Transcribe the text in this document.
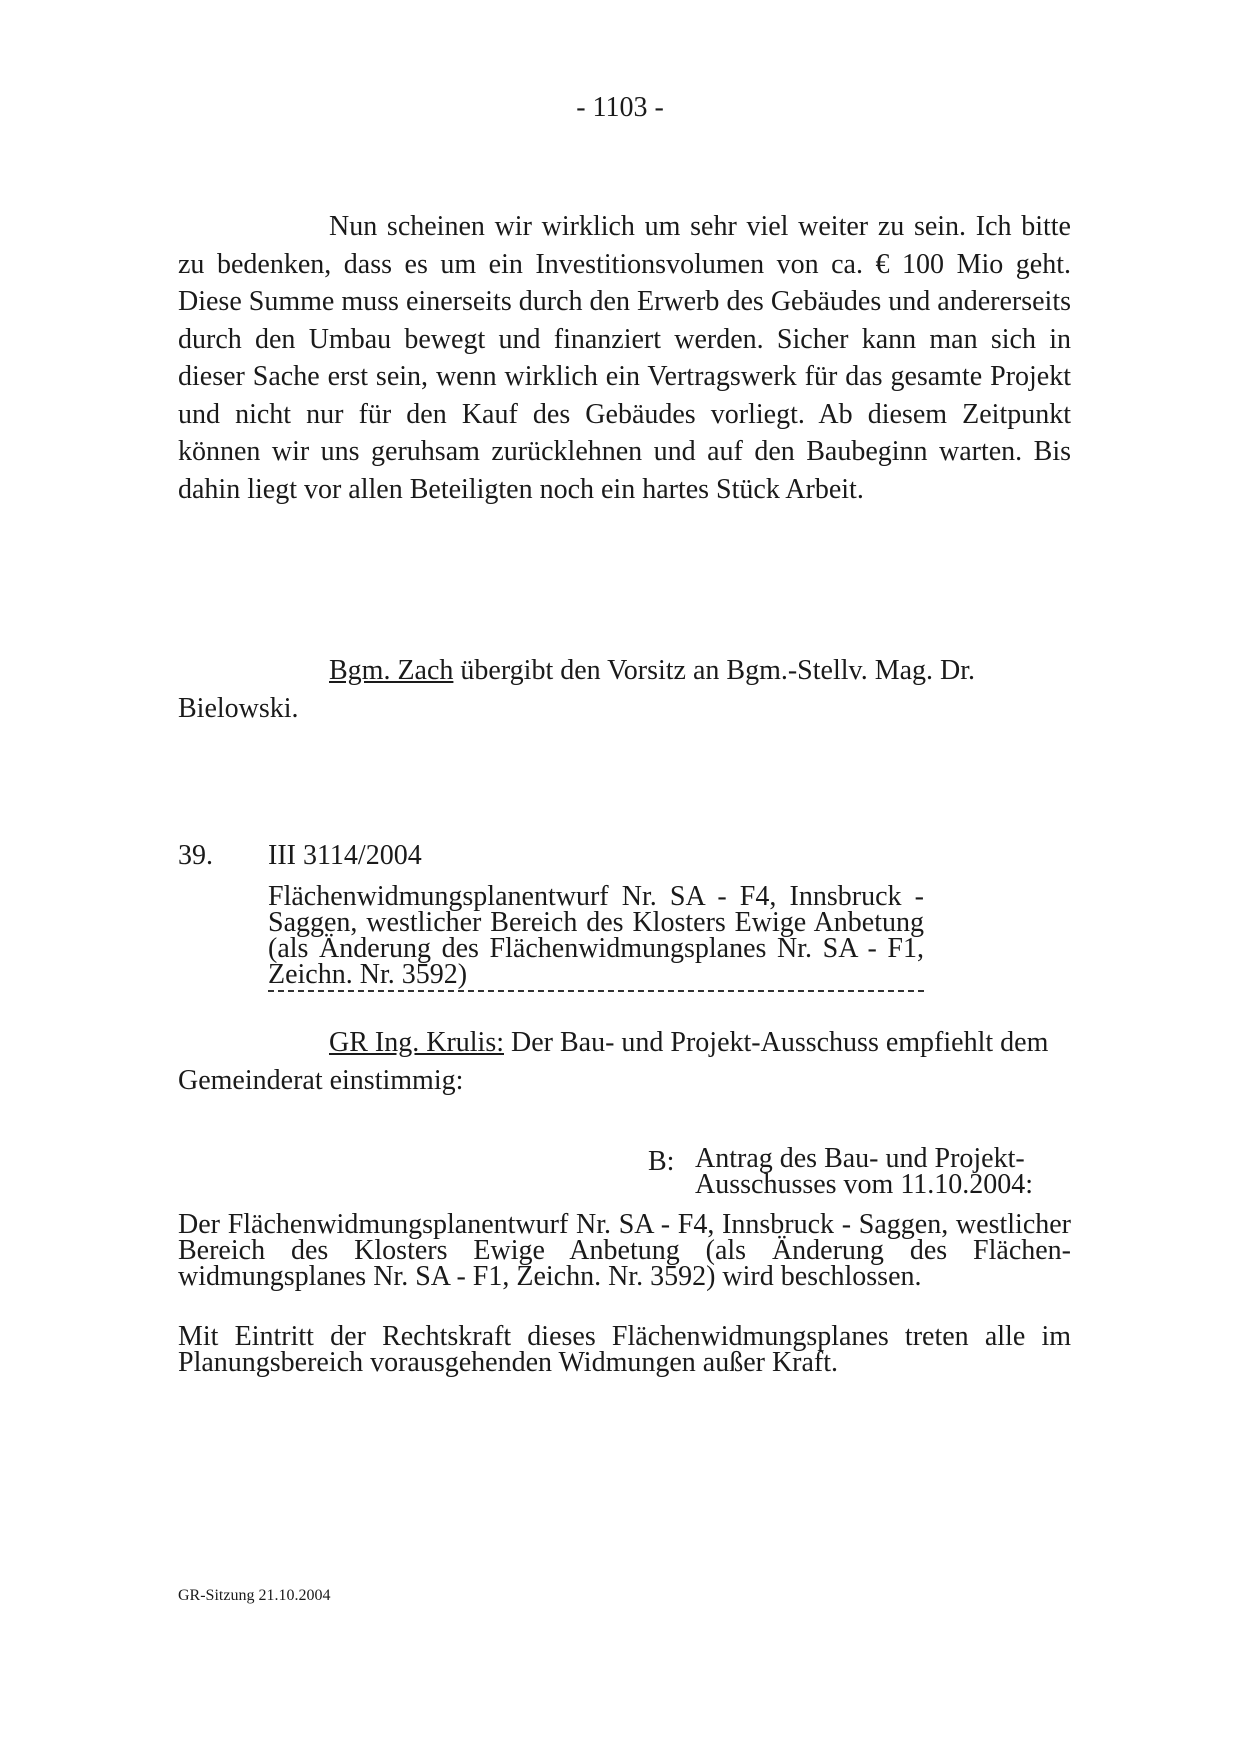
- 1103 -

Nun scheinen wir wirklich um sehr viel weiter zu sein. Ich bitte zu bedenken, dass es um ein Investitionsvolumen von ca. € 100 Mio geht. Diese Summe muss einerseits durch den Erwerb des Gebäudes und andererseits durch den Umbau bewegt und finanziert werden. Sicher kann man sich in dieser Sache erst sein, wenn wirklich ein Vertragswerk für das gesamte Projekt und nicht nur für den Kauf des Gebäudes vorliegt. Ab diesem Zeitpunkt können wir uns geruhsam zurücklehnen und auf den Baubeginn warten. Bis dahin liegt vor allen Beteiligten noch ein hartes Stück Arbeit.

Bgm. Zach übergibt den Vorsitz an Bgm.-Stellv. Mag. Dr. Bielowski.

39. III 3114/2004

Flächenwidmungsplanentwurf Nr. SA - F4, Innsbruck - Saggen, westlicher Bereich des Klosters Ewige Anbetung (als Änderung des Flächenwidmungsplanes Nr. SA - F1, Zeichn. Nr. 3592)

GR Ing. Krulis: Der Bau- und Projekt-Ausschuss empfiehlt dem Gemeinderat einstimmig:

B: Antrag des Bau- und Projekt-Ausschusses vom 11.10.2004:

Der Flächenwidmungsplanentwurf Nr. SA - F4, Innsbruck - Saggen, westlicher Bereich des Klosters Ewige Anbetung (als Änderung des Flächenwidmungsplanes Nr. SA - F1, Zeichn. Nr. 3592) wird beschlossen.

Mit Eintritt der Rechtskraft dieses Flächenwidmungsplanes treten alle im Planungsbereich vorausgehenden Widmungen außer Kraft.

GR-Sitzung 21.10.2004
